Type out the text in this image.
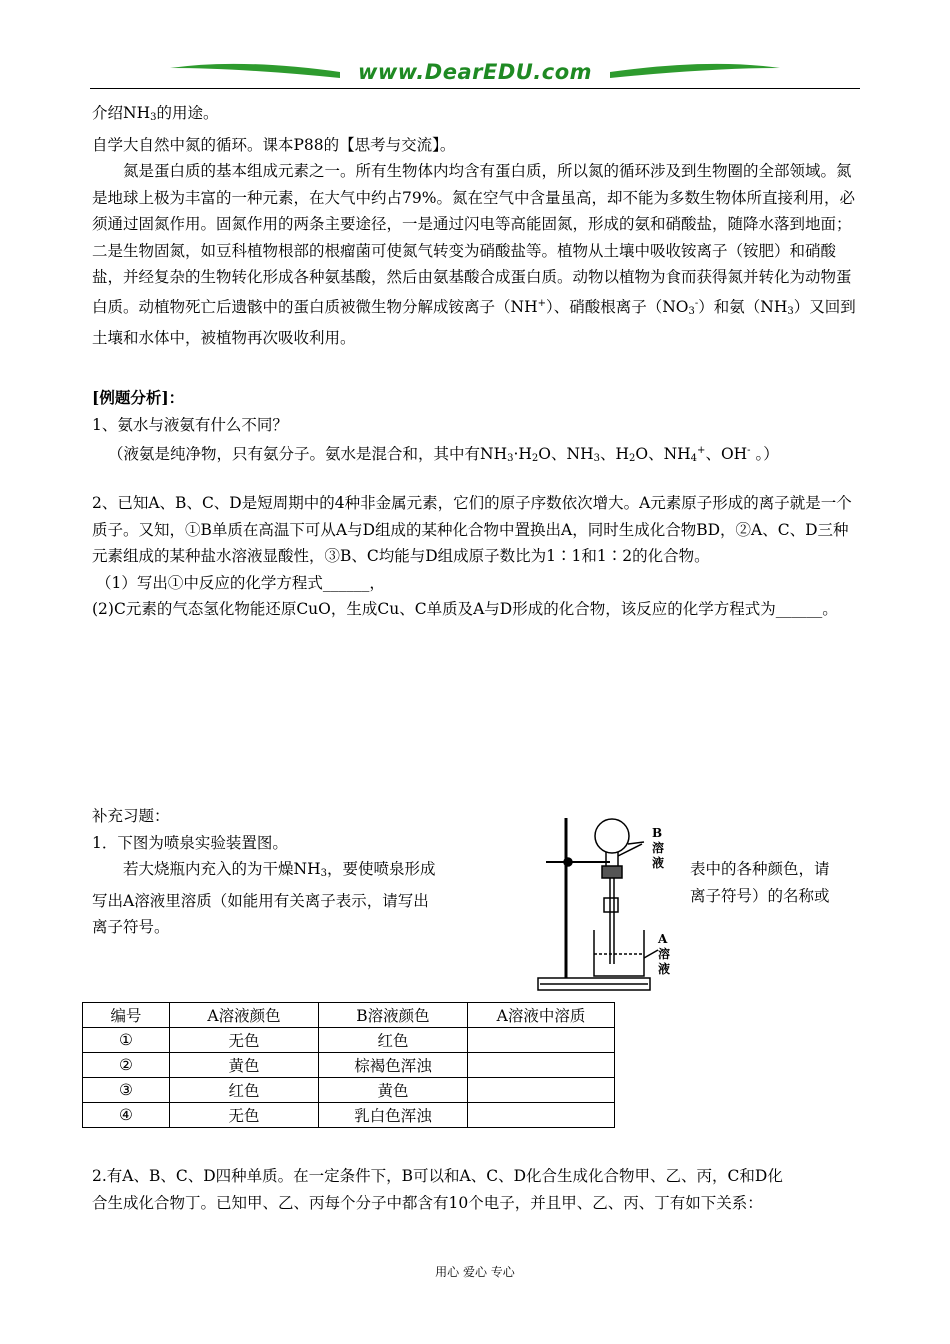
www.DearEDU.com

介绍$NH_3$的用途。

自学大自然中氮的循环。课本P88的【思考与交流】。

氮是蛋白质的基本组成元素之一。所有生物体内均含有蛋白质，所以氮的循环涉及到生物圈的全部领域。氮是地球上极为丰富的一种元素，在大气中约占79%。氮在空气中含量虽高，却不能为多数生物体所直接利用，必须通过固氮作用。固氮作用的两条主要途径，一是通过闪电等高能固氮，形成的氨和硝酸盐，随降水落到地面；二是生物固氮，如豆科植物根部的根瘤菌可使氮气转变为硝酸盐等。植物从土壤中吸收铵离子（铵肥）和硝酸盐，并经复杂的生物转化形成各种氨基酸，然后由氨基酸合成蛋白质。动物以植物为食而获得氮并转化为动物蛋白质。动植物死亡后遗骸中的蛋白质被微生物分解成铵离子（NH+）、硝酸根离子$(NO_3^-)$和氨$(NH_3)$又回到土壤和水体中，被植物再次吸收利用。

[例题分析]：

1、氨水与液氨有什么不同？

（液氨是纯净物，只有氨分子。氨水是混合和，其中有$NH_3\cdot H_2O$、$NH_3$、$H_2O$、$NH_4^+$、OH- 。）

2、已知A、B、C、D是短周期中的4种非金属元素，它们的原子序数依次增大。A元素原子形成的离子就是一个质子。又知，①B单质在高温下可从A与D组成的某种化合物中置换出A，同时生成化合物BD，②A、C、D三种元素组成的某种盐水溶液显酸性，③B、C均能与D组成原子数比为1∶1和1∶2的化合物。

（1）写出①中反应的化学方程式______，

(2)C元素的气态氢化物能还原CuO，生成Cu、C单质及A与D形成的化合物，该反应的化学方程式为______。

补充习题：

1．下图为喷泉实验装置图。

若大烧瓶内充入的为干燥$NH_3$，要使喷泉形成

写出A溶液里溶质（如能用有关离子表示，请写出

离子符号。

表中的各种颜色，请

离子符号）的名称或

B
溶
液
A
溶
液
编号	A溶液颜色	B溶液颜色	A溶液中溶质
①	无色	红色	
②	黄色	棕褐色浑浊	
③	红色	黄色	
④	无色	乳白色浑浊	

2.有A、B、C、D四种单质。在一定条件下，B可以和A、C、D化合生成化合物甲、乙、丙，C和D化

合生成化合物丁。已知甲、乙、丙每个分子中都含有10个电子，并且甲、乙、丙、丁有如下关系：

用心 爱心 专心
